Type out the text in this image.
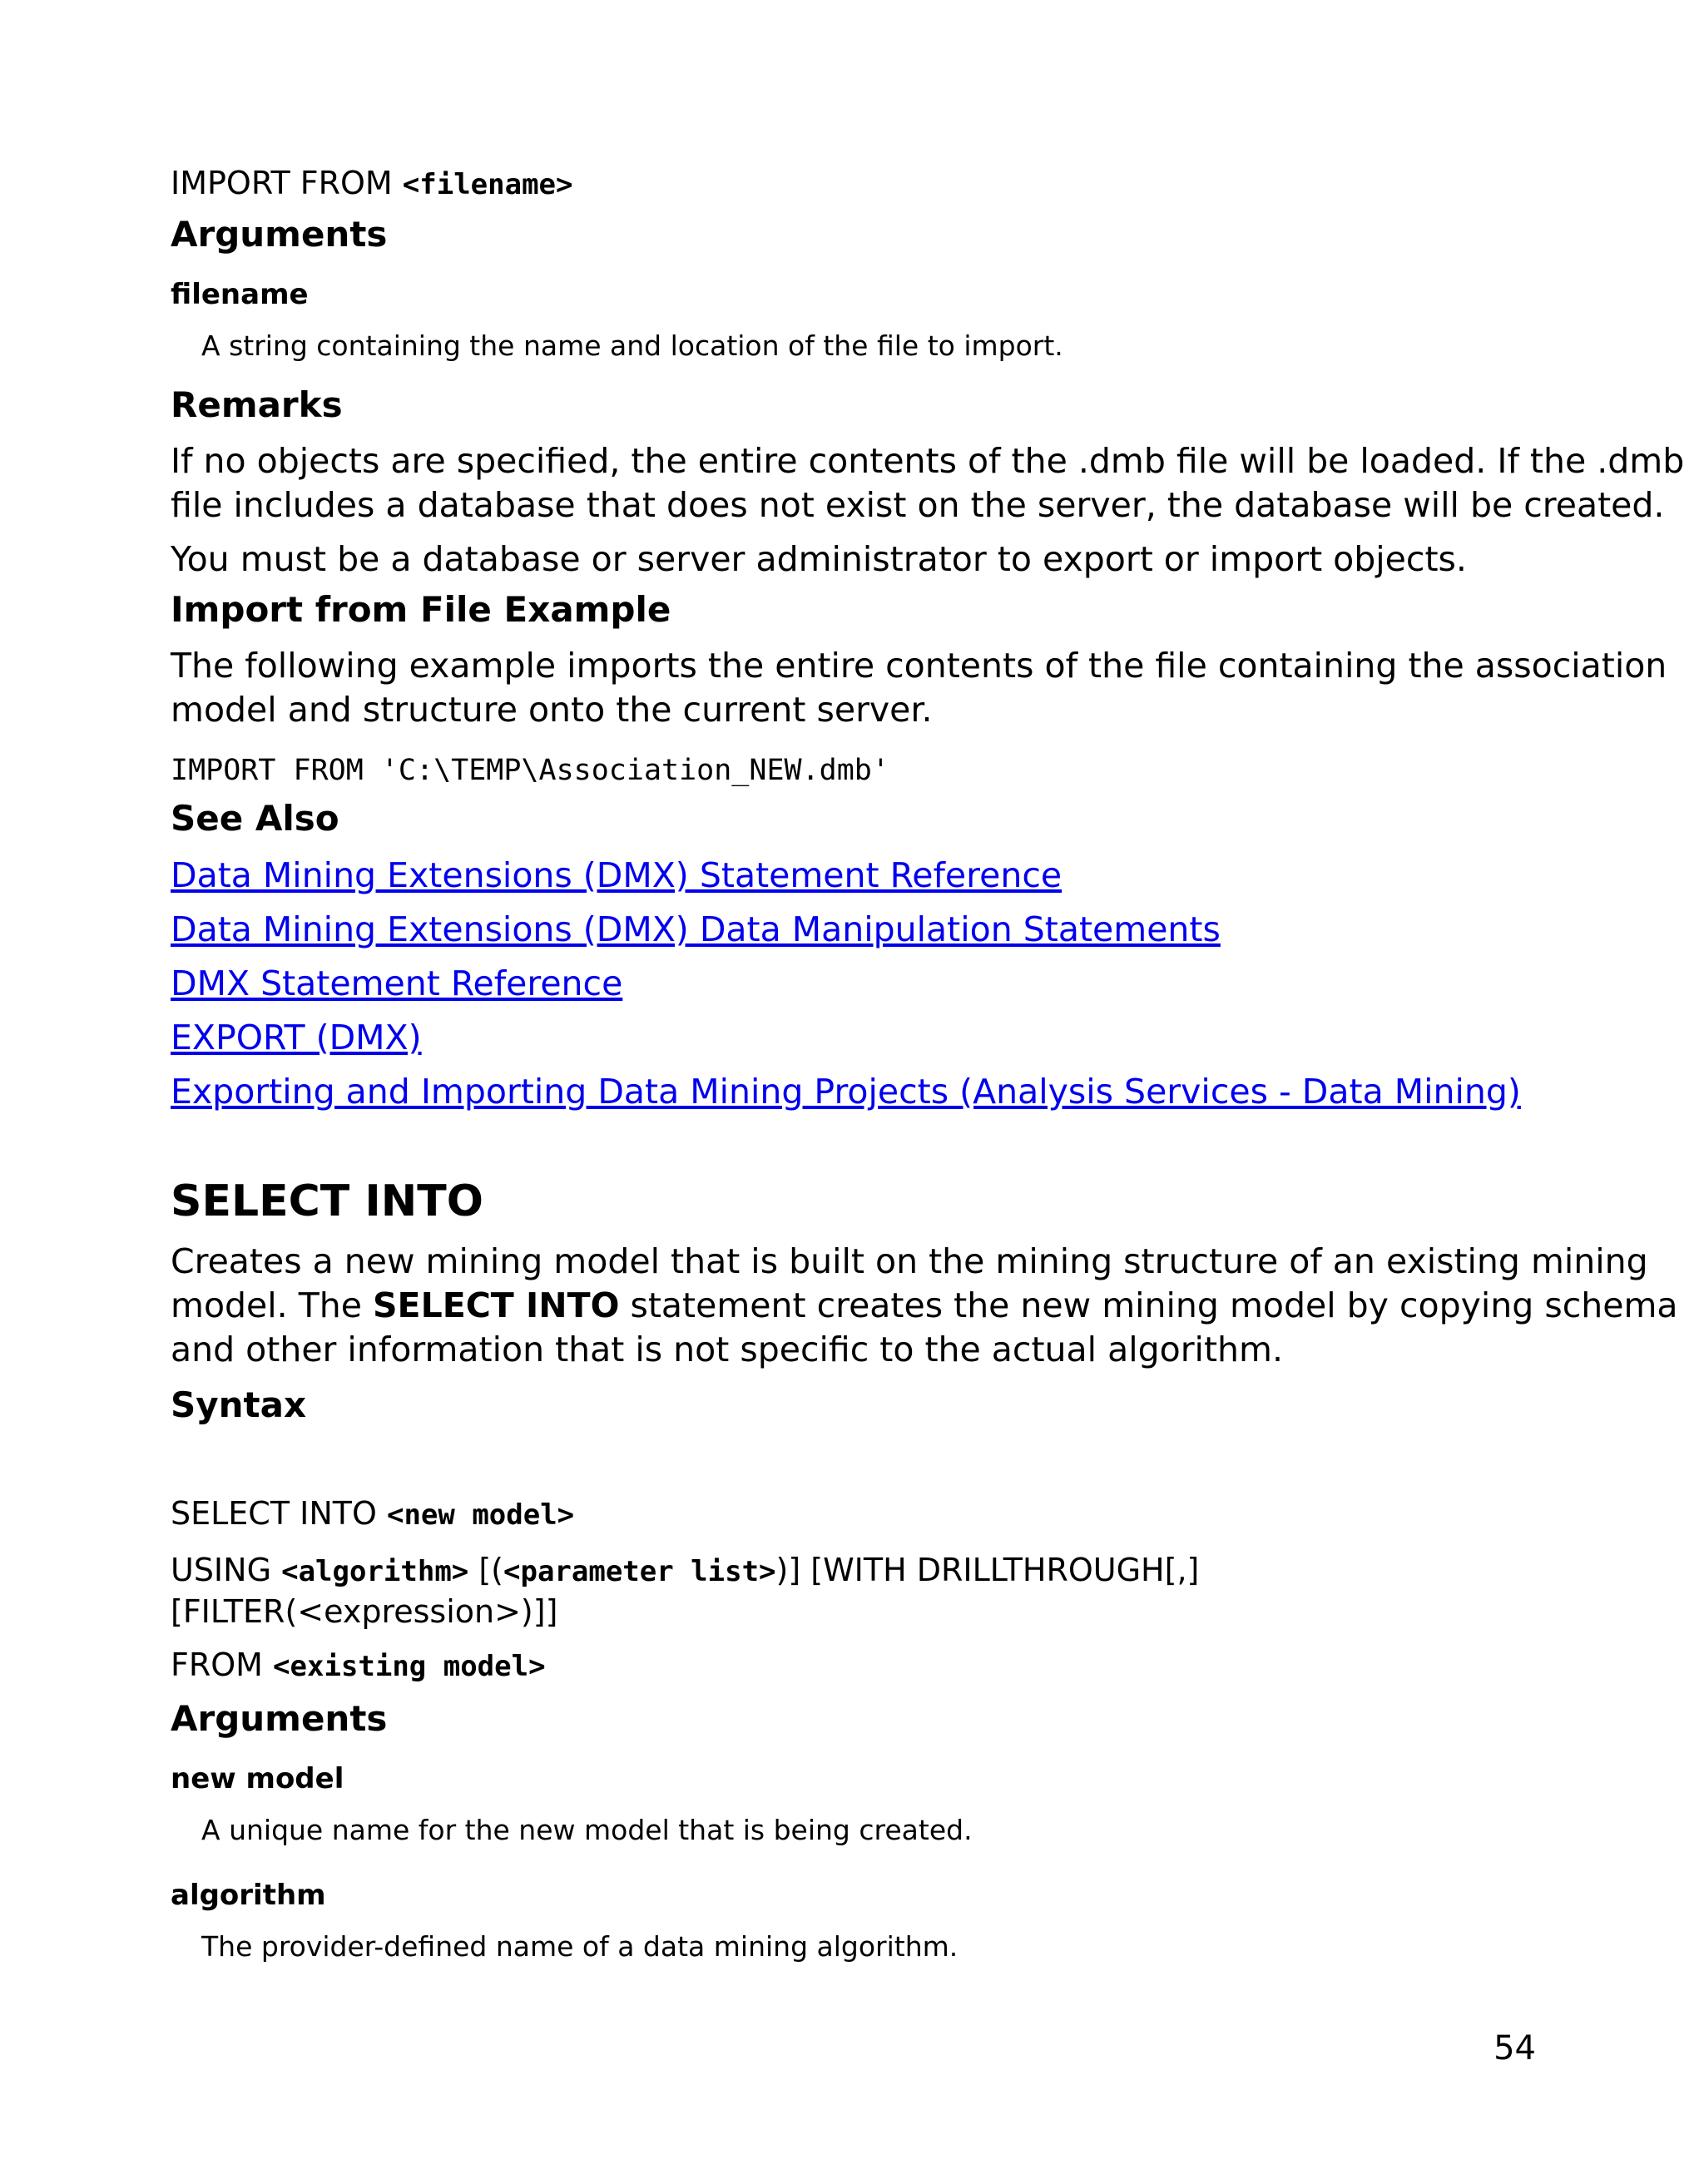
IMPORT FROM <filename>

Arguments

filename

A string containing the name and location of the file to import.

Remarks

If no objects are specified, the entire contents of the .dmb file will be loaded. If the .dmb

file includes a database that does not exist on the server, the database will be created.

You must be a database or server administrator to export or import objects.

Import from File Example

The following example imports the entire contents of the file containing the association

model and structure onto the current server.

IMPORT FROM 'C:\TEMP\Association_NEW.dmb'

See Also

Data Mining Extensions (DMX) Statement Reference
Data Mining Extensions (DMX) Data Manipulation Statements
DMX Statement Reference
EXPORT (DMX)
Exporting and Importing Data Mining Projects (Analysis Services - Data Mining)

SELECT INTO

Creates a new mining model that is built on the mining structure of an existing mining

model. The SELECT INTO statement creates the new mining model by copying schema

and other information that is not specific to the actual algorithm.

Syntax

SELECT INTO <new model>

USING <algorithm> [(<parameter list>)] [WITH DRILLTHROUGH[,]

[FILTER(<expression>)]]

FROM <existing model>

Arguments

new model

A unique name for the new model that is being created.

algorithm

The provider-defined name of a data mining algorithm.

54
